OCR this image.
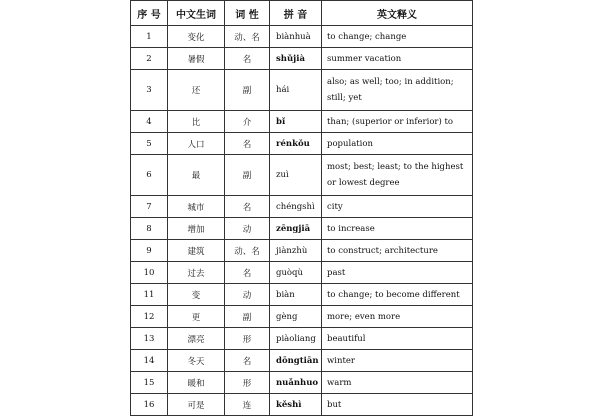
序 号	中文生词	词 性	拼 音	英文释义
1	变化	动、名	biànhuà	to change; change
2	暑假	名	shǔjià	summer vacation
3	还	副	hái	also; as well; too; in addition; still; yet
4	比	介	bǐ	than; (superior or inferior) to
5	人口	名	rénkǒu	population
6	最	副	zuì	most; best; least; to the highest or lowest degree
7	城市	名	chéngshì	city
8	增加	动	zēngjiā	to increase
9	建筑	动、名	jiànzhù	to construct; architecture
10	过去	名	guòqù	past
11	变	动	biàn	to change; to become different
12	更	副	gèng	more; even more
13	漂亮	形	piàoliang	beautiful
14	冬天	名	dōngtiān	winter
15	暖和	形	nuǎnhuo	warm
16	可是	连	kěshì	but
